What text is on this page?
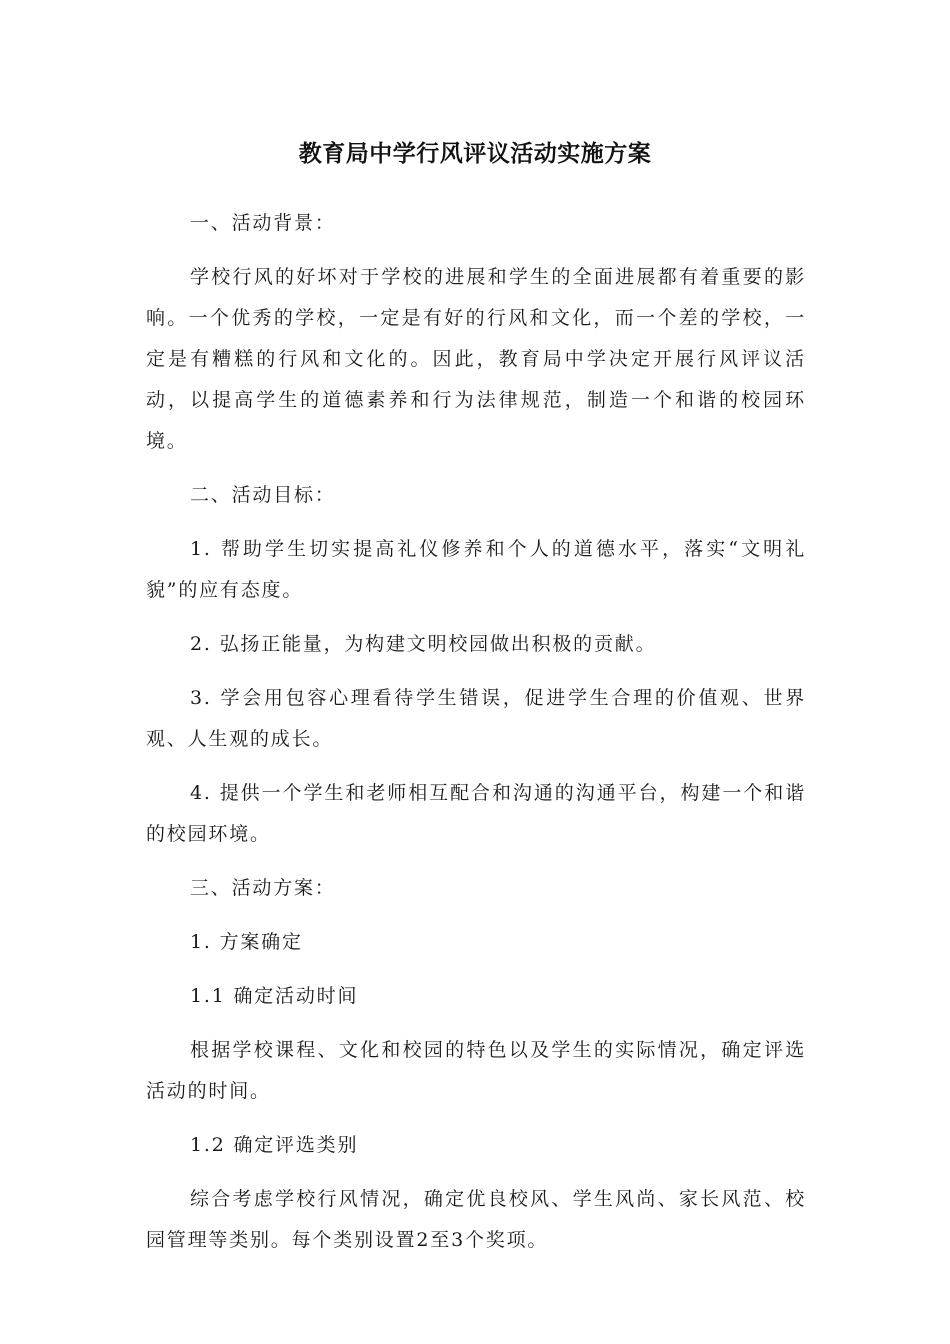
教育局中学行风评议活动实施方案

一、活动背景：

学校行风的好坏对于学校的进展和学生的全面进展都有着重要的影响。一个优秀的学校，一定是有好的行风和文化，而一个差的学校，一定是有糟糕的行风和文化的。因此，教育局中学决定开展行风评议活动，以提高学生的道德素养和行为法律规范，制造一个和谐的校园环境。

二、活动目标：

1. 帮助学生切实提高礼仪修养和个人的道德水平，落实“文明礼貌”的应有态度。

2. 弘扬正能量，为构建文明校园做出积极的贡献。

3. 学会用包容心理看待学生错误，促进学生合理的价值观、世界观、人生观的成长。

4. 提供一个学生和老师相互配合和沟通的沟通平台，构建一个和谐的校园环境。

三、活动方案：

1. 方案确定

1.1 确定活动时间

根据学校课程、文化和校园的特色以及学生的实际情况，确定评选活动的时间。

1.2 确定评选类别

综合考虑学校行风情况，确定优良校风、学生风尚、家长风范、校园管理等类别。每个类别设置2至3个奖项。
